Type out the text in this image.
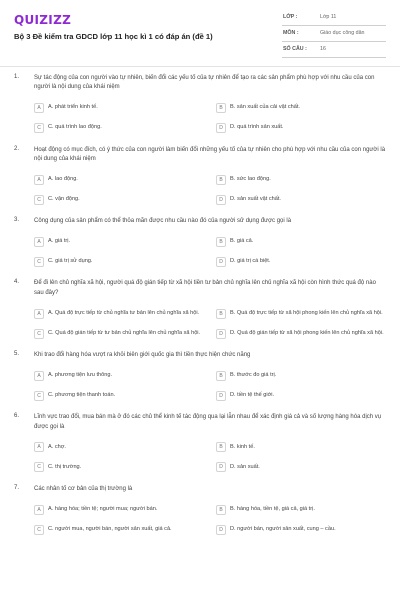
QUIZIZZ
Bộ 3 Đề kiểm tra GDCD lớp 11 học kì 1 có đáp án (đề 1)
LỚP :	Lớp 11
MÔN :	Giáo dục công dân
SỐ CÂU : 16
1. Sự tác động của con người vào tự nhiên, biến đổi các yếu tố của tự nhiên để tạo ra các sản phẩm phù hợp với nhu cầu của con người là nội dung của khái niệm
A	A. phát triển kinh tế.	B	B. sản xuất của cải vật chất.
C	C. quá trình lao động.	D	D. quá trình sản xuất.
2. Hoạt động có mục đích, có ý thức của con người làm biến đổi những yếu tố của tự nhiên cho phù hợp với nhu cầu của con người là nội dung của khái niệm
A	A. lao động.	B	B. sức lao động.
C	C. vận động.	D	D. sản xuất vật chất.
3. Công dụng của sản phẩm có thể thỏa mãn được nhu cầu nào đó của người sử dụng được gọi là
A	A. giá trị.	B	B. giá cả.
C	C. giá trị sử dụng.	D	D. giá trị cá biệt.
4. Để đi lên chủ nghĩa xã hội, người quá độ gián tiếp từ xã hội tiền tư bản chủ nghĩa lên chủ nghĩa xã hội còn hình thức quá độ nào sau đây?
A	A. Quá độ trực tiếp từ chủ nghĩa tư bản lên chủ nghĩa xã hội.	B	B. Quá độ trực tiếp từ xã hội phong kiến lên chủ nghĩa xã hội.
C	C. Quá độ gián tiếp từ tư bản chủ nghĩa lên chủ nghĩa xã hội.	D	D. Quá độ gián tiếp từ xã hội phong kiến lên chủ nghĩa xã hội.
5. Khi trao đổi hàng hóa vượt ra khỏi biên giới quốc gia thì tiền thực hiện chức năng
A	A. phương tiện lưu thông.	B	B. thước đo giá trị.
C	C. phương tiện thanh toán.	D	D. tiền tệ thế giới.
6. Lĩnh vực trao đổi, mua bán mà ở đó các chủ thể kinh tế tác động qua lại lẫn nhau để xác định giá cả và số lượng hàng hóa dịch vụ được gọi là
A	A. chợ.	B	B. kinh tế.
C	C. thị trường.	D	D. sản xuất.
7. Các nhân tố cơ bản của thị trường là
A	A. hàng hóa; tiền tệ; người mua; người bán.	B	B. hàng hóa, tiền tệ, giá cả, giá trị.
C	C. người mua, người bán, người sản xuất, giá cả.	D	D. người bán, người sản xuất, cung – cầu.
